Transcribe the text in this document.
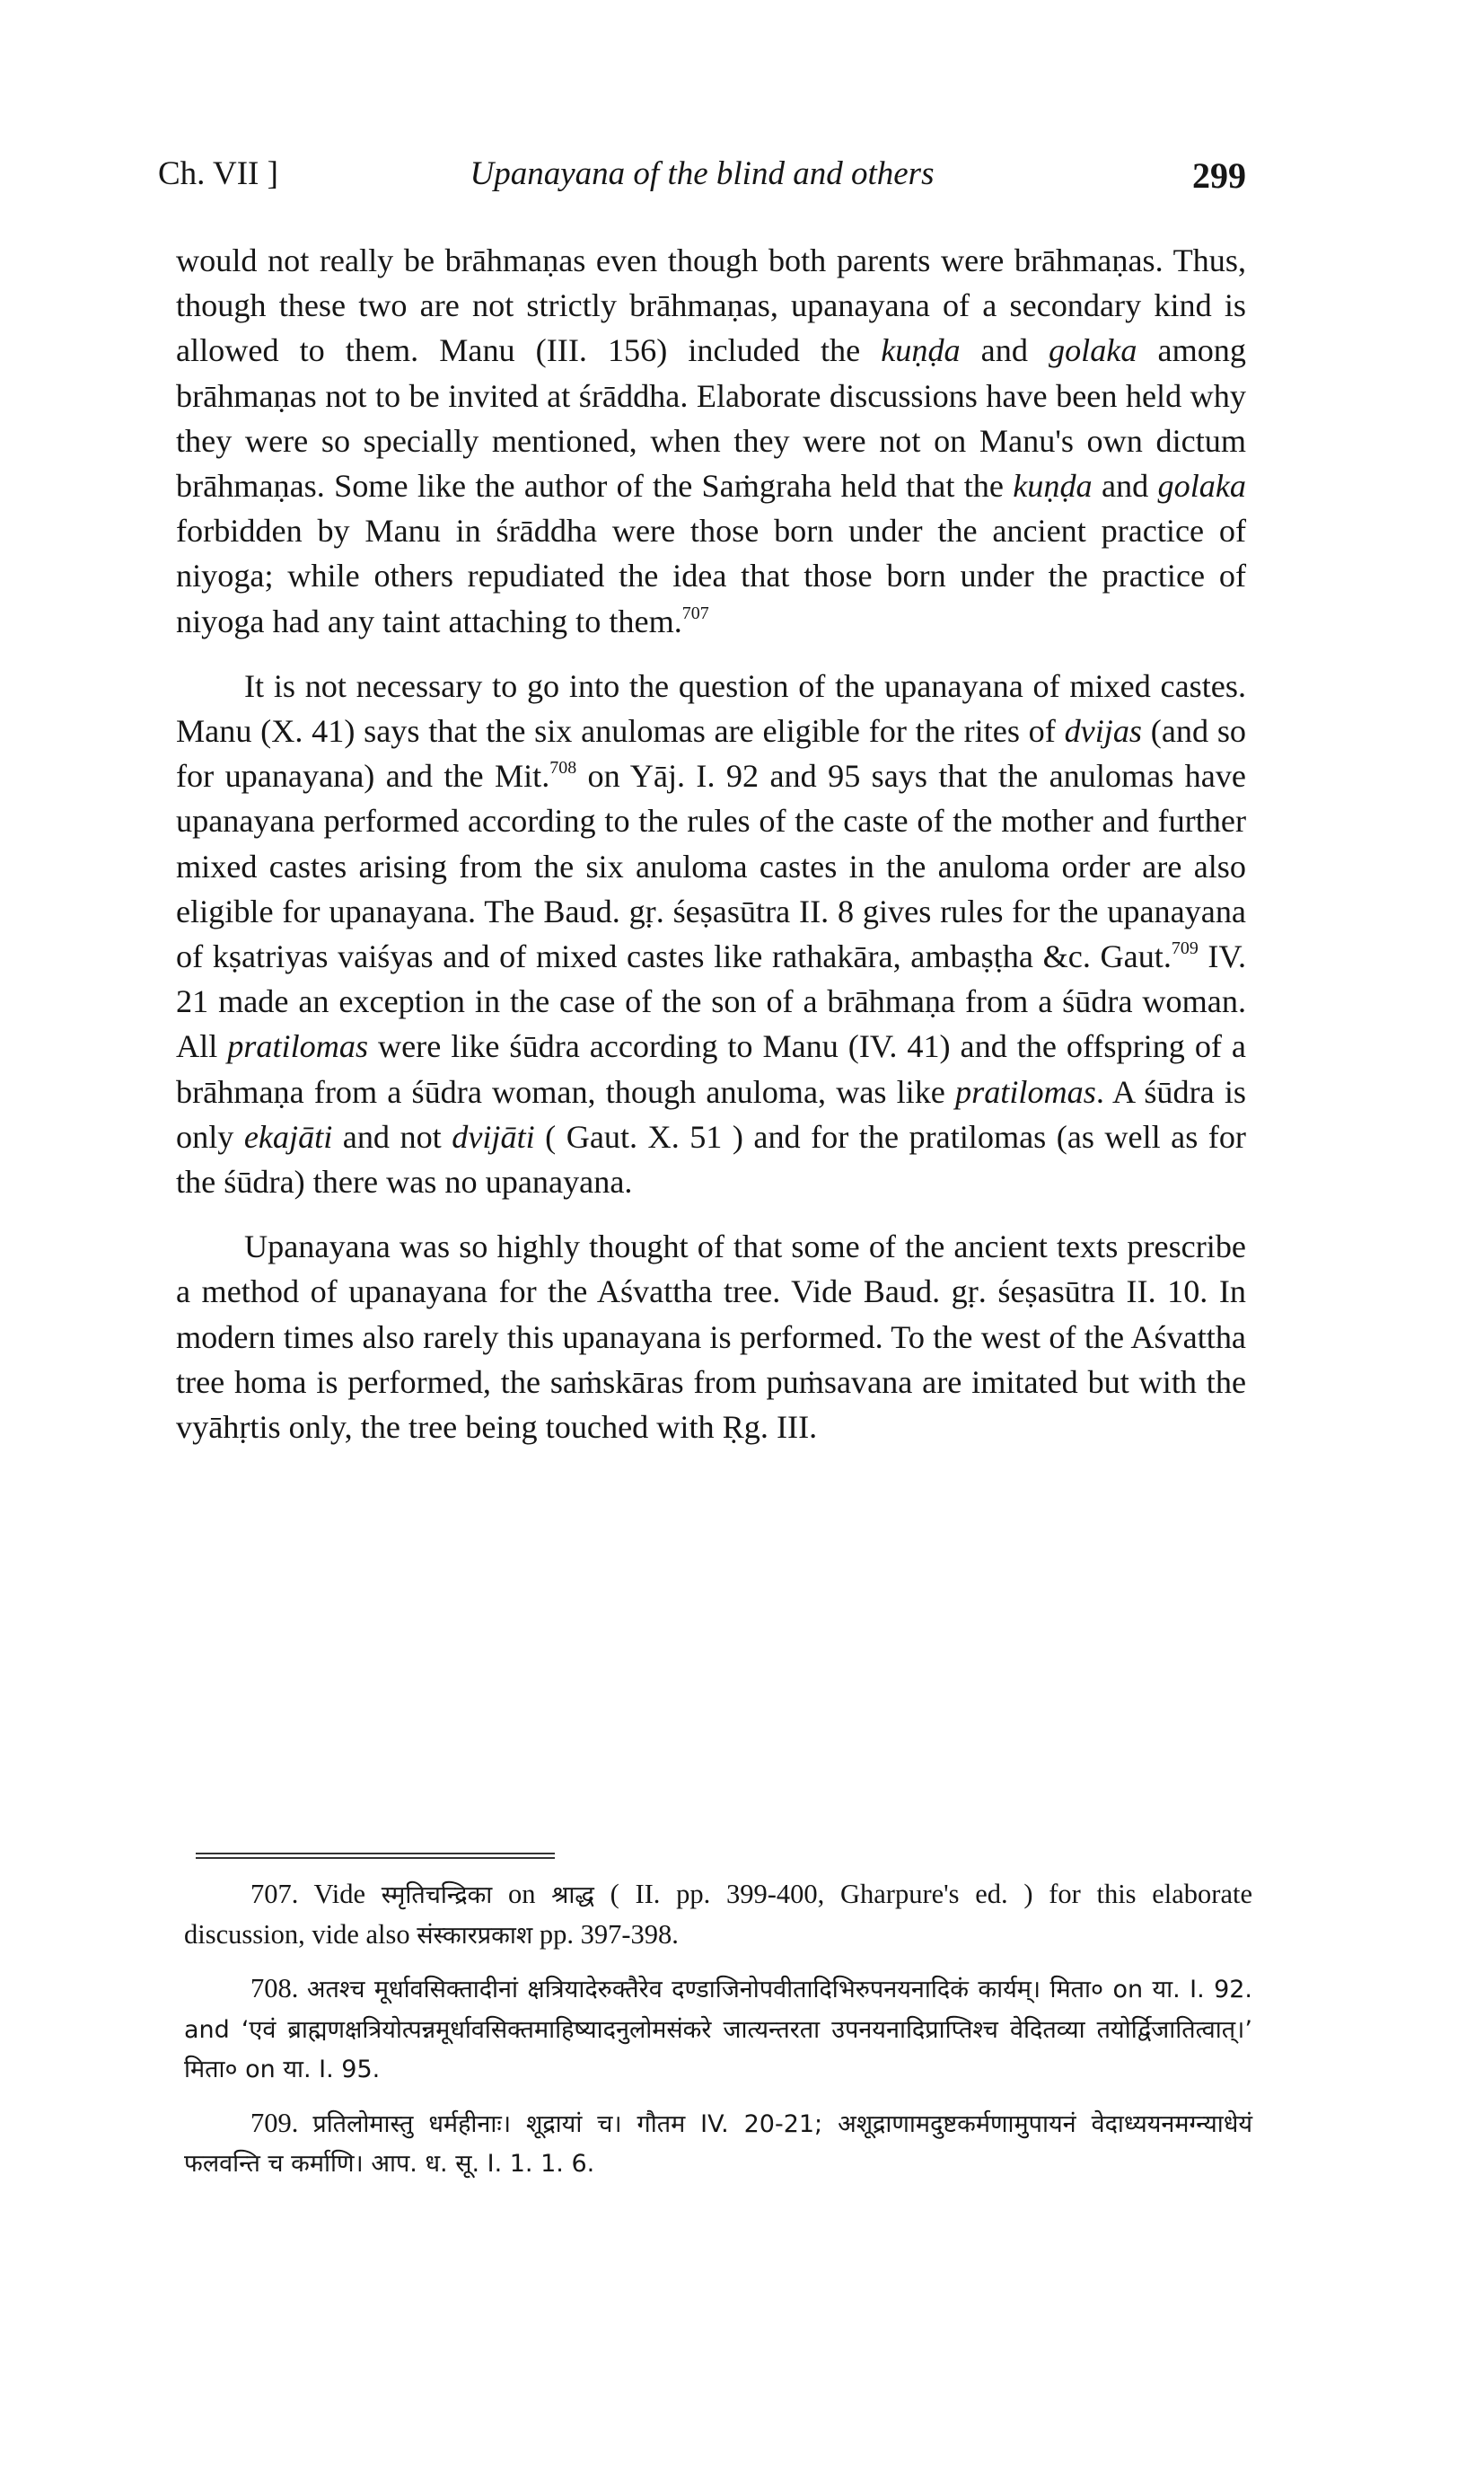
Ch. VII ]	Upanayana of the blind and others	299

would not really be brāhmaṇas even though both parents were brāhmaṇas. Thus, though these two are not strictly brāhmaṇas, upanayana of a secondary kind is allowed to them. Manu (III. 156) included the kuṇḍa and golaka among brāhmaṇas not to be invited at śrāddha. Elaborate discussions have been held why they were so specially mentioned, when they were not on Manu's own dictum brāhmaṇas. Some like the author of the Saṁgraha held that the kuṇḍa and golaka forbidden by Manu in śrāddha were those born under the ancient practice of niyoga; while others repudiated the idea that those born under the practice of niyoga had any taint attaching to them.$^{707}$

It is not necessary to go into the question of the upanayana of mixed castes. Manu (X. 41) says that the six anulomas are eligible for the rites of dvijas (and so for upanayana) and the Mit.$^{708}$ on Yāj. I. 92 and 95 says that the anulomas have upanayana performed according to the rules of the caste of the mother and further mixed castes arising from the six anuloma castes in the anuloma order are also eligible for upanayana. The Baud. gṛ. śeṣasūtra II. 8 gives rules for the upanayana of kṣatriyas vaiśyas and of mixed castes like rathakāra, ambaṣṭha &c. Gaut.$^{709}$ IV. 21 made an exception in the case of the son of a brāhmaṇa from a śūdra woman. All pratilomas were like śūdra according to Manu (IV. 41) and the offspring of a brāhmaṇa from a śūdra woman, though anuloma, was like pratilomas. A śūdra is only ekajāti and not dvijāti ( Gaut. X. 51 ) and for the pratilomas (as well as for the śūdra) there was no upanayana.

Upanayana was so highly thought of that some of the ancient texts prescribe a method of upanayana for the Aśvattha tree. Vide Baud. gṛ. śeṣasūtra II. 10. In modern times also rarely this upanayana is performed. To the west of the Aśvattha tree homa is performed, the saṁskāras from puṁsavana are imitated but with the vyāhṛtis only, the tree being touched with Ṛg. III.

707. Vide स्मृतिचन्द्रिका on श्राद्ध ( II. pp. 399-400, Gharpure's ed. ) for this elaborate discussion, vide also संस्कारप्रकाश pp. 397-398.

708. अतश्च मूर्धावसिक्तादीनां क्षत्रियादेरुक्तैरेव दण्डाजिनोपवीतादिभिरुपनयनादिकं कार्यम्। मिता० on या. I. 92. and ‘एवं ब्राह्मणक्षत्रियोत्पन्नमूर्धावसिक्तमाहिष्यादनुलोमसंकरे जात्यन्तरता उपनयनादिप्राप्तिश्च वेदितव्या तयोर्द्विजातित्वात्।’ मिता० on या. I. 95.

709. प्रतिलोमास्तु धर्महीनाः। शूद्रायां च। गौतम IV. 20-21; अशूद्राणामदुष्टकर्मणामुपायनं वेदाध्ययनमग्न्याधेयं फलवन्ति च कर्माणि। आप. ध. सू. I. 1. 1. 6.
